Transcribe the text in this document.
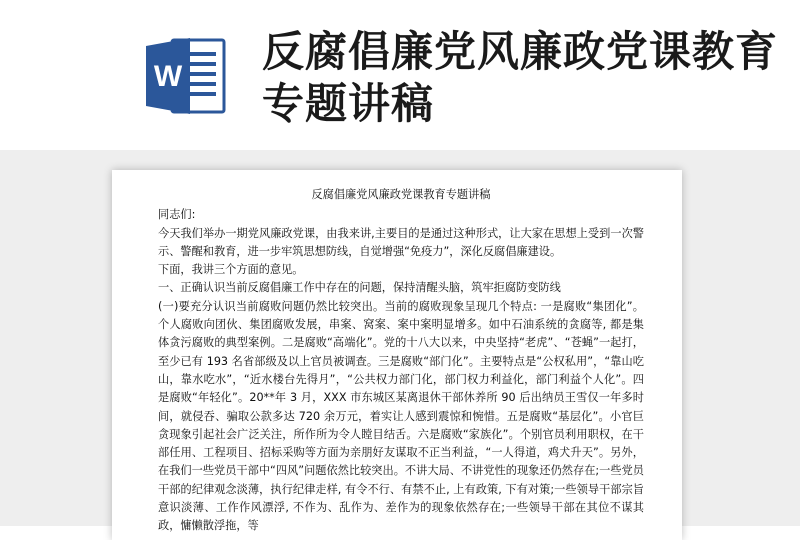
W
反腐倡廉党风廉政党课教育专题讲稿
反腐倡廉党风廉政党课教育专题讲稿

同志们:

今天我们举办一期党风廉政党课，由我来讲,主要目的是通过这种形式，让大家在思想上受到一次警示、警醒和教育，进一步牢筑思想防线，自觉增强“免疫力”，深化反腐倡廉建设。

下面，我讲三个方面的意见。

一、正确认识当前反腐倡廉工作中存在的问题，保持清醒头脑，筑牢拒腐防变防线

(一)要充分认识当前腐败问题仍然比较突出。当前的腐败现象呈现几个特点: 一是腐败“集团化”。个人腐败向团伙、集团腐败发展，串案、窝案、案中案明显增多。如中石油系统的贪腐等, 都是集体贪污腐败的典型案例。二是腐败“高端化”。党的十八大以来，中央坚持“老虎”、“苍蝇”一起打，至少已有 193 名省部级及以上官员被调查。三是腐败“部门化”。主要特点是“公权私用”，“靠山吃山，靠水吃水”，“近水楼台先得月”，“公共权力部门化，部门权力利益化，部门利益个人化”。四是腐败“年轻化”。20**年 3 月，XXX 市东城区某离退休干部休养所 90 后出纳员王雪仅一年多时间，就侵吞、骗取公款多达 720 余万元，着实让人感到震惊和惋惜。五是腐败“基层化”。小官巨贪现象引起社会广泛关注，所作所为令人瞠目结舌。六是腐败“家族化”。个别官员利用职权，在干部任用、工程项目、招标采购等方面为亲朋好友谋取不正当利益，“一人得道，鸡犬升天”。另外，在我们一些党员干部中“四风”问题依然比较突出。不讲大局、不讲党性的现象还仍然存在;一些党员干部的纪律观念淡薄，执行纪律走样, 有令不行、有禁不止, 上有政策, 下有对策;一些领导干部宗旨意识淡薄、工作作风漂浮, 不作为、乱作为、差作为的现象依然存在;一些领导干部在其位不谋其政，慵懒散浮拖，等
